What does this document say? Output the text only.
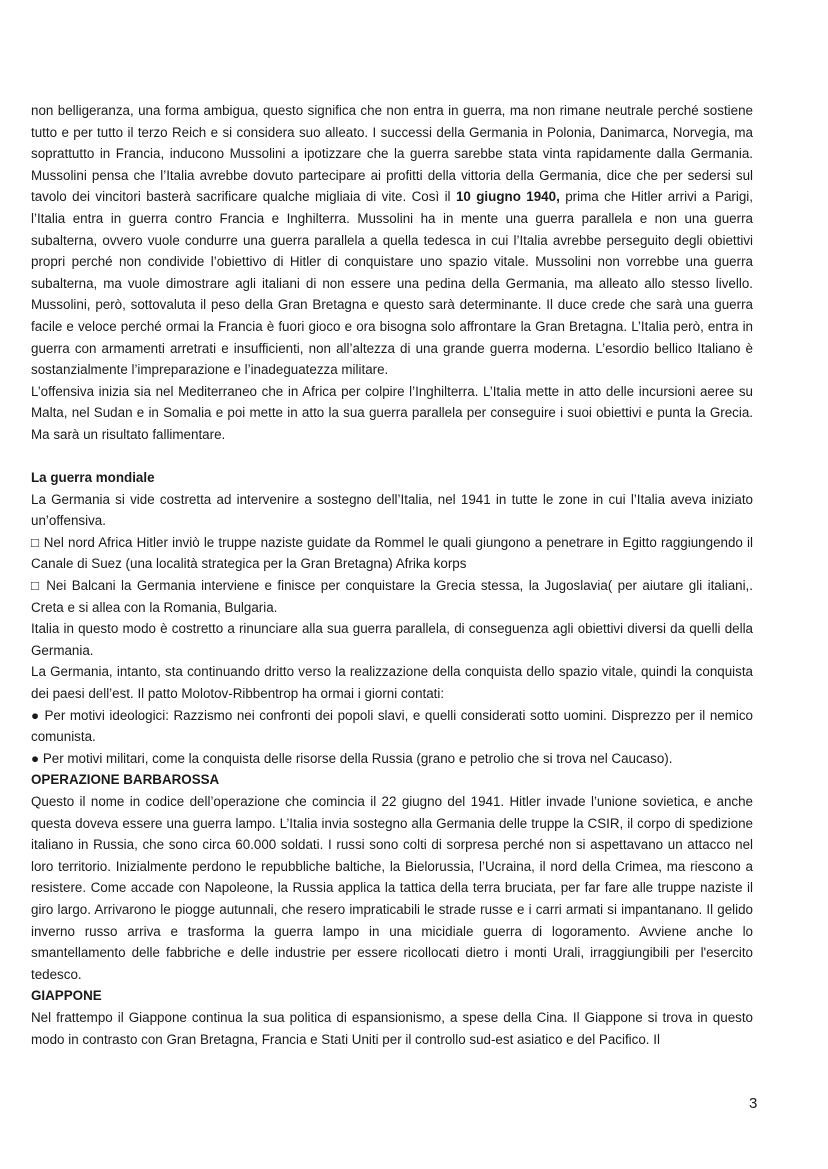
non belligeranza, una forma ambigua, questo significa che non entra in guerra, ma non rimane neutrale perché sostiene tutto e per tutto il terzo Reich e si considera suo alleato. I successi della Germania in Polonia, Danimarca, Norvegia, ma soprattutto in Francia, inducono Mussolini a ipotizzare che la guerra sarebbe stata vinta rapidamente dalla Germania. Mussolini pensa che l’Italia avrebbe dovuto partecipare ai profitti della vittoria della Germania, dice che per sedersi sul tavolo dei vincitori basterà sacrificare qualche migliaia di vite. Così il 10 giugno 1940, prima che Hitler arrivi a Parigi, l’Italia entra in guerra contro Francia e Inghilterra. Mussolini ha in mente una guerra parallela e non una guerra subalterna, ovvero vuole condurre una guerra parallela a quella tedesca in cui l’Italia avrebbe perseguito degli obiettivi propri perché non condivide l’obiettivo di Hitler di conquistare uno spazio vitale. Mussolini non vorrebbe una guerra subalterna, ma vuole dimostrare agli italiani di non essere una pedina della Germania, ma alleato allo stesso livello. Mussolini, però, sottovaluta il peso della Gran Bretagna e questo sarà determinante. Il duce crede che sarà una guerra facile e veloce perché ormai la Francia è fuori gioco e ora bisogna solo affrontare la Gran Bretagna. L’Italia però, entra in guerra con armamenti arretrati e insufficienti, non all’altezza di una grande guerra moderna. L’esordio bellico Italiano è sostanzialmente l’impreparazione e l’inadeguatezza militare.

L’offensiva inizia sia nel Mediterraneo che in Africa per colpire l’Inghilterra. L’Italia mette in atto delle incursioni aeree su Malta, nel Sudan e in Somalia e poi mette in atto la sua guerra parallela per conseguire i suoi obiettivi e punta la Grecia. Ma sarà un risultato fallimentare.

La guerra mondiale

La Germania si vide costretta ad intervenire a sostegno dell’Italia, nel 1941 in tutte le zone in cui l’Italia aveva iniziato un’offensiva.

□ Nel nord Africa Hitler inviò le truppe naziste guidate da Rommel le quali giungono a penetrare in Egitto raggiungendo il Canale di Suez (una località strategica per la Gran Bretagna) Afrika korps

□ Nei Balcani la Germania interviene e finisce per conquistare la Grecia stessa, la Jugoslavia( per aiutare gli italiani,. Creta e si allea con la Romania, Bulgaria.

Italia in questo modo è costretto a rinunciare alla sua guerra parallela, di conseguenza agli obiettivi diversi da quelli della Germania.

La Germania, intanto, sta continuando dritto verso la realizzazione della conquista dello spazio vitale, quindi la conquista dei paesi dell’est. Il patto Molotov-Ribbentrop ha ormai i giorni contati:

● Per motivi ideologici: Razzismo nei confronti dei popoli slavi, e quelli considerati sotto uomini. Disprezzo per il nemico comunista.

● Per motivi militari, come la conquista delle risorse della Russia (grano e petrolio che si trova nel Caucaso).

OPERAZIONE BARBAROSSA

Questo il nome in codice dell’operazione che comincia il 22 giugno del 1941. Hitler invade l’unione sovietica, e anche questa doveva essere una guerra lampo. L’Italia invia sostegno alla Germania delle truppe la CSIR, il corpo di spedizione italiano in Russia, che sono circa 60.000 soldati. I russi sono colti di sorpresa perché non si aspettavano un attacco nel loro territorio. Inizialmente perdono le repubbliche baltiche, la Bielorussia, l’Ucraina, il nord della Crimea, ma riescono a resistere. Come accade con Napoleone, la Russia applica la tattica della terra bruciata, per far fare alle truppe naziste il giro largo. Arrivarono le piogge autunnali, che resero impraticabili le strade russe e i carri armati si impantanano. Il gelido inverno russo arriva e trasforma la guerra lampo in una micidiale guerra di logoramento. Avviene anche lo smantellamento delle fabbriche e delle industrie per essere ricollocati dietro i monti Urali, irraggiungibili per l'esercito tedesco.

GIAPPONE

Nel frattempo il Giappone continua la sua politica di espansionismo, a spese della Cina. Il Giappone si trova in questo modo in contrasto con Gran Bretagna, Francia e Stati Uniti per il controllo sud-est asiatico e del Pacifico. Il

3
